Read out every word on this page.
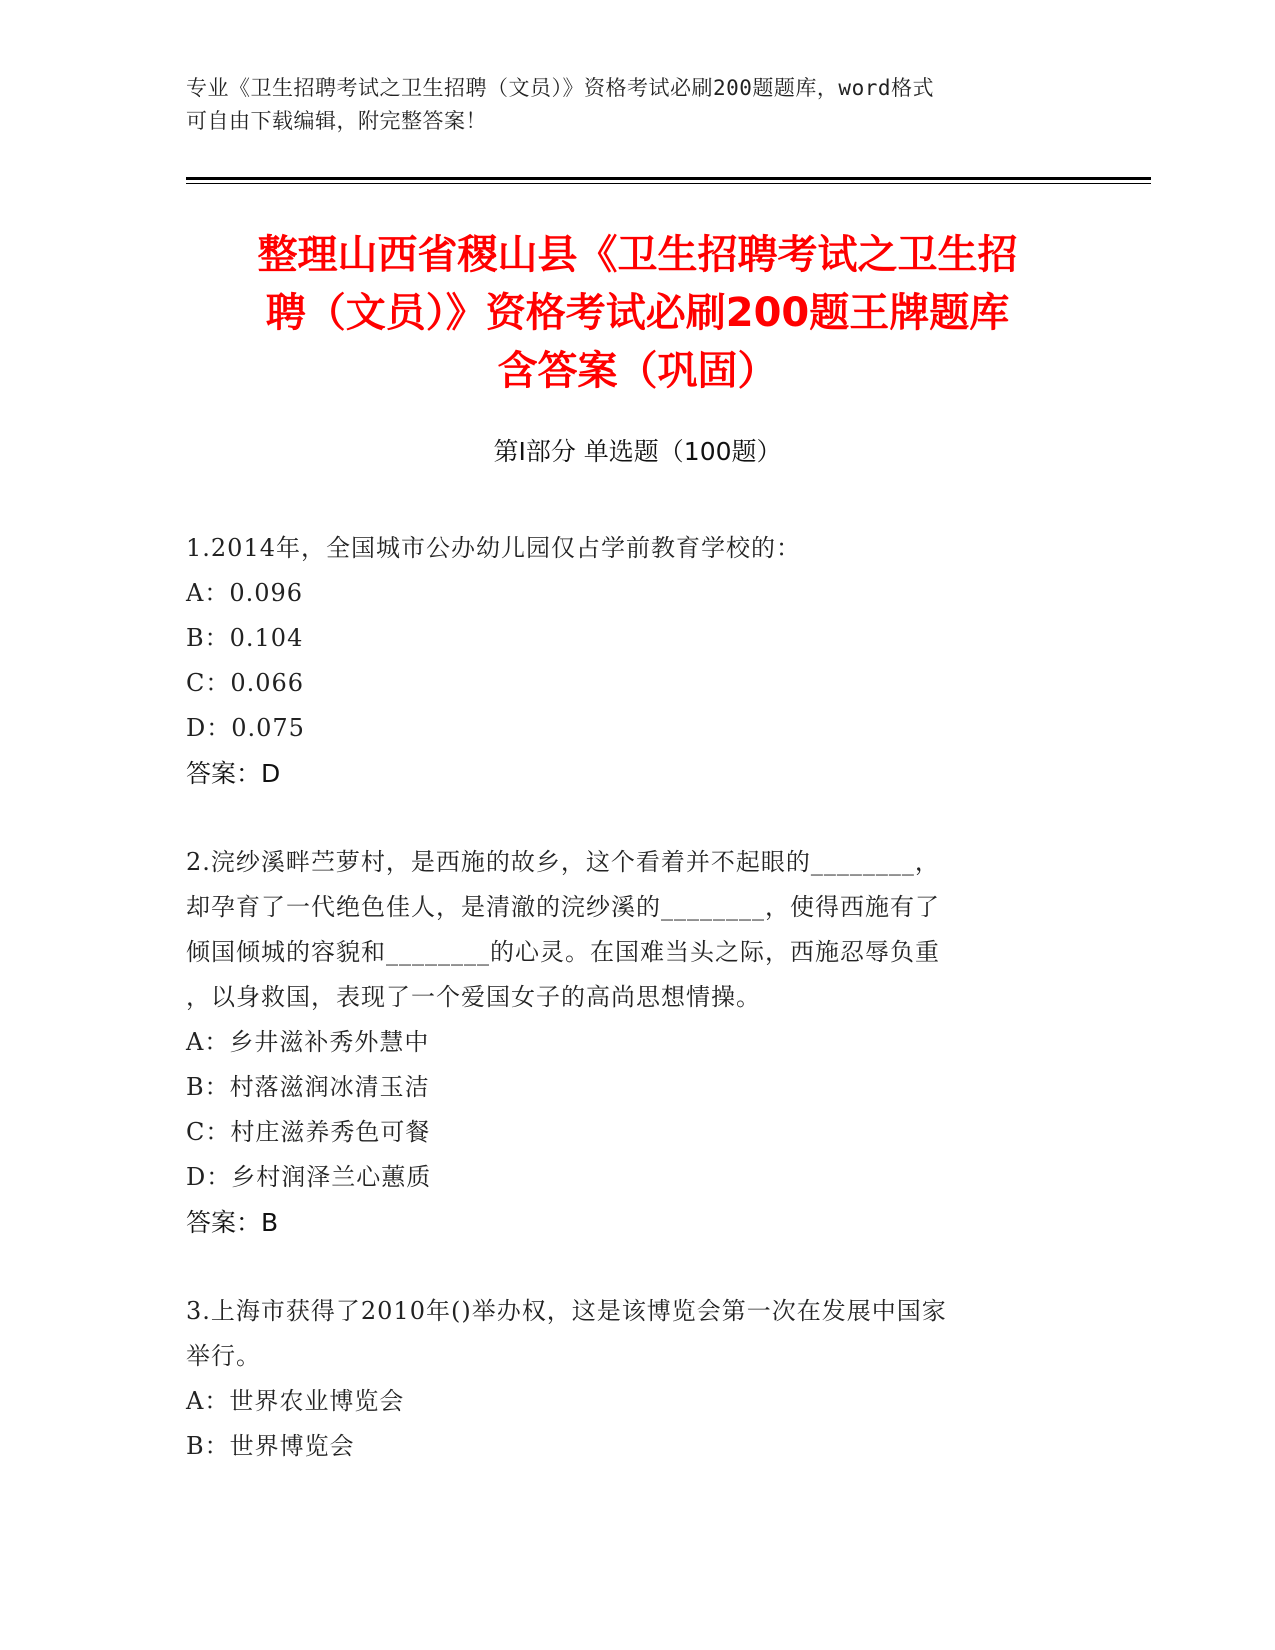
专业《卫生招聘考试之卫生招聘（文员）》资格考试必刷200题题库，word格式
可自由下载编辑，附完整答案！
整理山西省稷山县《卫生招聘考试之卫生招
聘（文员）》资格考试必刷200题王牌题库
含答案（巩固）
第Ⅰ部分 单选题（100题）
1.2014年，全国城市公办幼儿园仅占学前教育学校的：
A：0.096
B：0.104
C：0.066
D：0.075
答案：D
2.浣纱溪畔苎萝村，是西施的故乡，这个看着并不起眼的________，
却孕育了一代绝色佳人，是清澈的浣纱溪的________，使得西施有了
倾国倾城的容貌和________的心灵。在国难当头之际，西施忍辱负重
，以身救国，表现了一个爱国女子的高尚思想情操。
A：乡井滋补秀外慧中
B：村落滋润冰清玉洁
C：村庄滋养秀色可餐
D：乡村润泽兰心蕙质
答案：B
3.上海市获得了2010年()举办权，这是该博览会第一次在发展中国家
举行。
A：世界农业博览会
B：世界博览会
